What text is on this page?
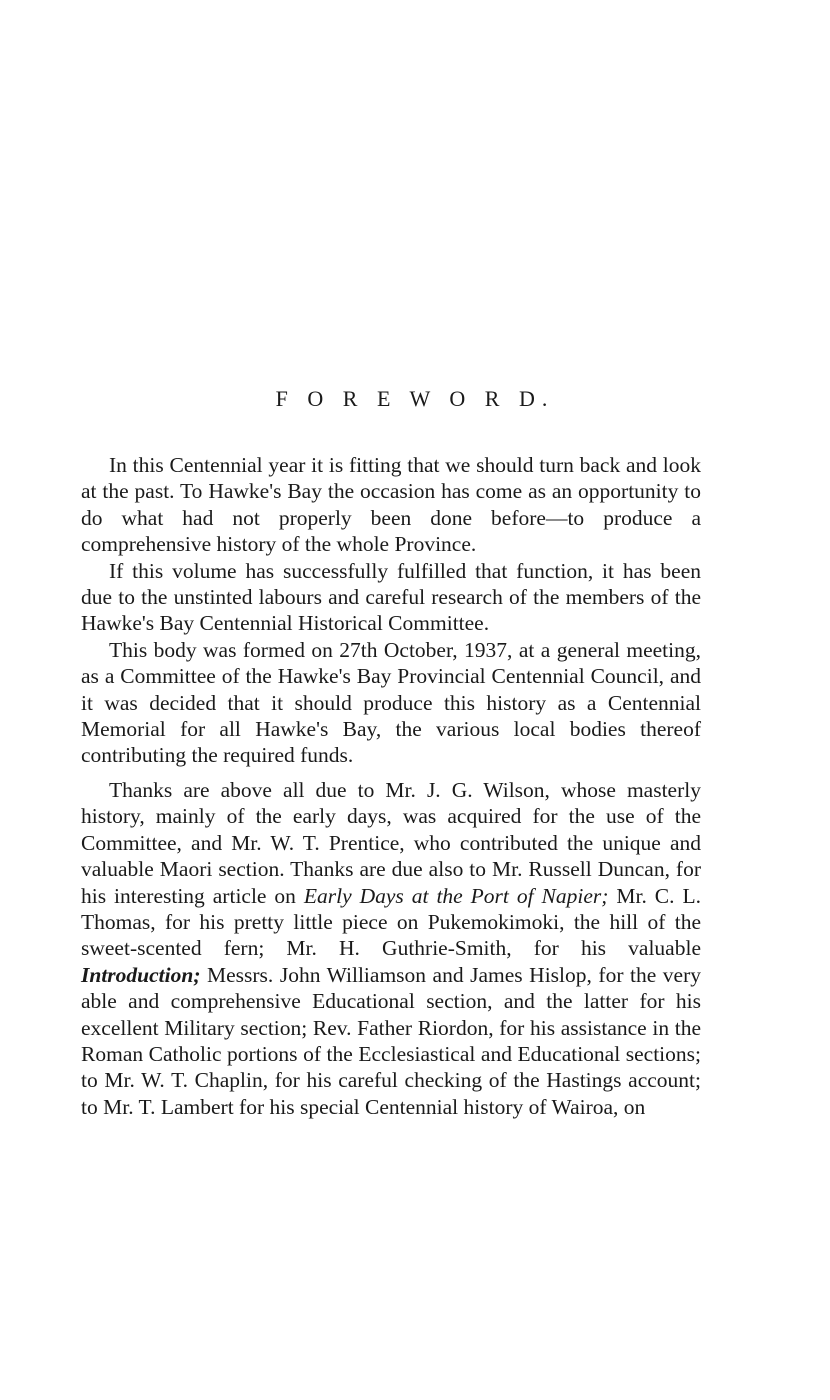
F O R E W O R D.

In this Centennial year it is fitting that we should turn back and look at the past. To Hawke's Bay the occasion has come as an opportunity to do what had not properly been done before—to produce a comprehensive history of the whole Province.

If this volume has successfully fulfilled that function, it has been due to the unstinted labours and careful research of the members of the Hawke's Bay Centennial Historical Committee.

This body was formed on 27th October, 1937, at a general meeting, as a Committee of the Hawke's Bay Provincial Centennial Council, and it was decided that it should produce this history as a Centennial Memorial for all Hawke's Bay, the various local bodies thereof contributing the required funds.

Thanks are above all due to Mr. J. G. Wilson, whose masterly history, mainly of the early days, was acquired for the use of the Committee, and Mr. W. T. Prentice, who contributed the unique and valuable Maori section. Thanks are due also to Mr. Russell Duncan, for his interesting article on Early Days at the Port of Napier; Mr. C. L. Thomas, for his pretty little piece on Pukemokimoki, the hill of the sweet-scented fern; Mr. H. Guthrie-Smith, for his valuable Introduction; Messrs. John Williamson and James Hislop, for the very able and comprehensive Educational section, and the latter for his excellent Military section; Rev. Father Riordon, for his assistance in the Roman Catholic portions of the Ecclesiastical and Educational sections; to Mr. W. T. Chaplin, for his careful checking of the Hastings account; to Mr. T. Lambert for his special Centennial history of Wairoa, on
